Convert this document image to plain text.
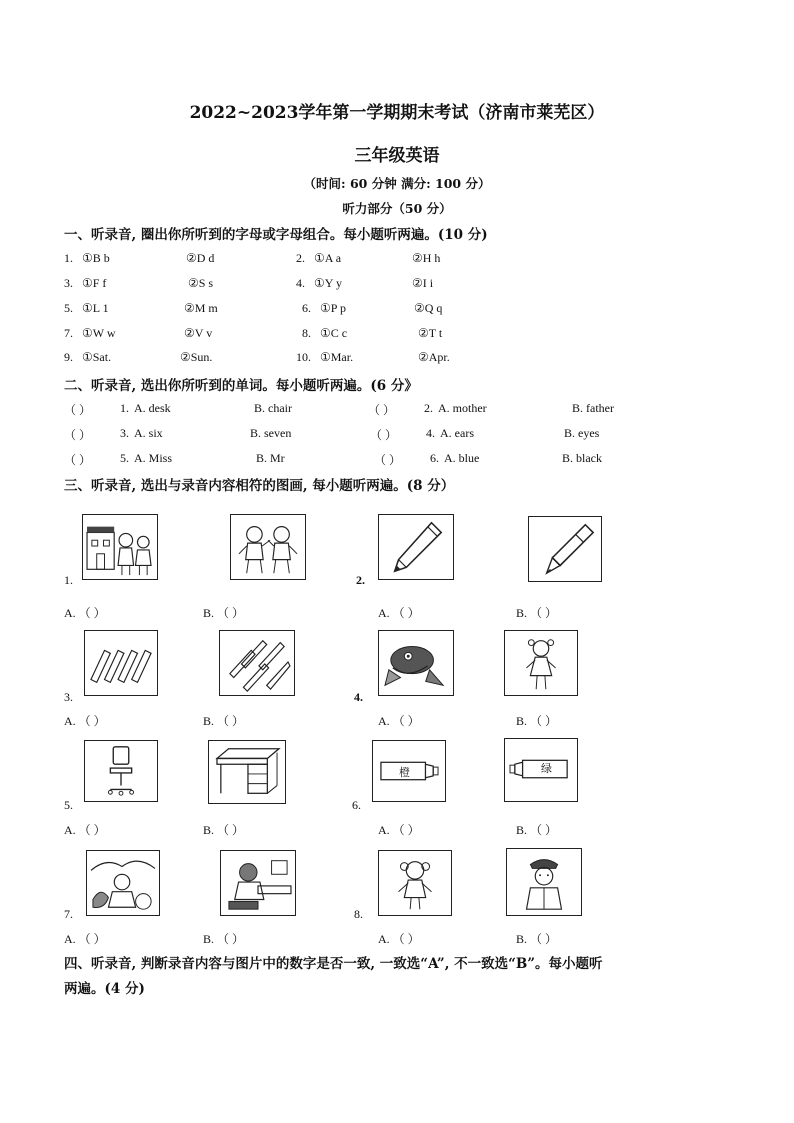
2022~2023学年第一学期期末考试（济南市莱芜区）
三年级英语
（时间: 60 分钟 满分: 100 分）
听力部分（50 分）
一、听录音, 圈出你所听到的字母或字母组合。每小题听两遍。(10 分)
1. ①B b	②D d	2. ①A a	②H h
3. ①F f	②S s	4. ①Y y	②I i
5. ①L 1	②M m	6. ①P p	②Q q
7. ①W w	②V v	8. ①C c	②T t
9. ①Sat.	②Sun.	10. ①Mar.	②Apr.
二、听录音, 选出你所听到的单词。每小题听两遍。(6 分》
（ ） 1. A. desk	B. chair	（ ） 2. A. mother	B. father
（ ） 3. A. six	B. seven	（ ） 4. A. ears	B. eyes
（ ） 5. A. Miss	B. Mr	（ ） 6. A. blue	B. black
三、听录音, 选出与录音内容相符的图画, 每小题听两遍。(8 分）
1.	2.
A. （ ）	B. （ ）	A. （ ）	B. （ ）
3.	4.
A. （ ）	B. （ ）	A. （ ）	B. （ ）
橙	绿
5.	6.
A. （ ）	B. （ ）	A. （ ）	B. （ ）
7.	8.
A. （ ）	B. （ ）	A. （ ）	B. （ ）
四、听录音, 判断录音内容与图片中的数字是否一致, 一致选“A”, 不一致选“B”。每小题听
两遍。(4 分)
